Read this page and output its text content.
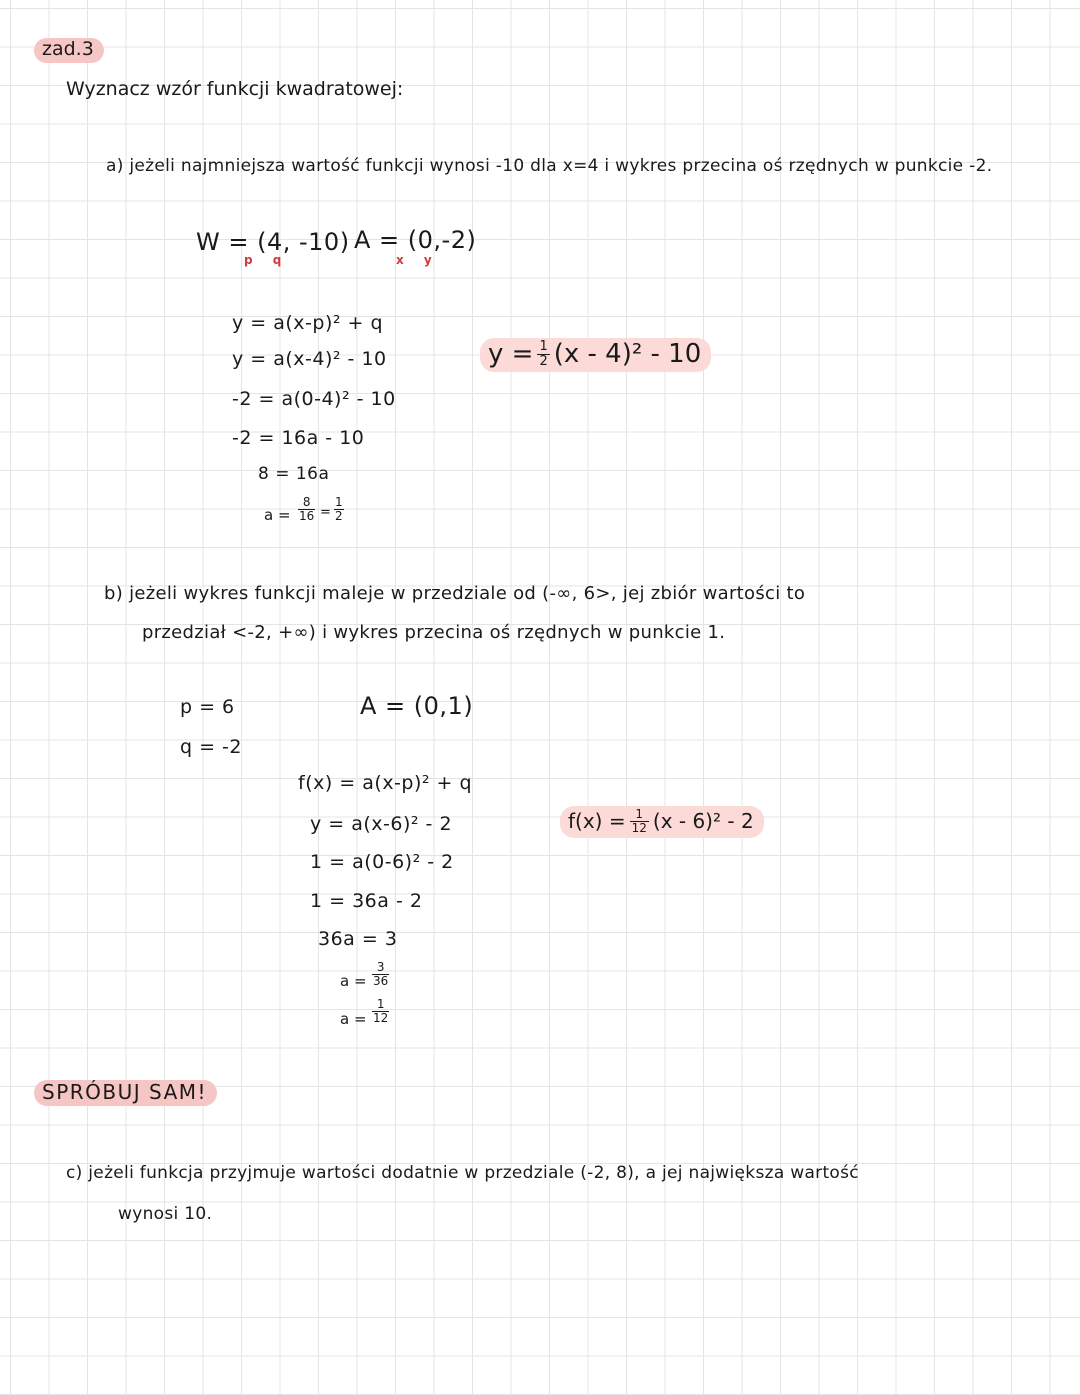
zad.3
Wyznacz wzór funkcji kwadratowej:
a) jeżeli najmniejsza wartość funkcji wynosi -10 dla x=4 i wykres przecina oś rzędnych w punkcie -2.
W = (4, -10)
p q
A = (0,-2)
x y
y = a(x-p)² + q
y = a(x-4)² - 10
-2 = a(0-4)² - 10
-2 = 16a - 10
8 = 16a
$a = \frac{8}{16} = \frac{1}{2}$
$y = \frac{1}{2} (x - 4)^2 - 10$
b) jeżeli wykres funkcji maleje w przedziale od (-∞, 6>, jej zbiór wartości to
przedział <-2, +∞) i wykres przecina oś rzędnych w punkcie 1.
p = 6
q = -2
A = (0,1)
f(x) = a(x-p)² + q
y = a(x-6)² - 2
1 = a(0-6)² - 2
1 = 36a - 2
36a = 3
$a = \frac{3}{36}$
$a = \frac{1}{12}$
$f(x) = \frac{1}{12} (x - 6)^2 - 2$
SPRÓBUJ SAM!
c) jeżeli funkcja przyjmuje wartości dodatnie w przedziale (-2, 8), a jej największa wartość
wynosi 10.
